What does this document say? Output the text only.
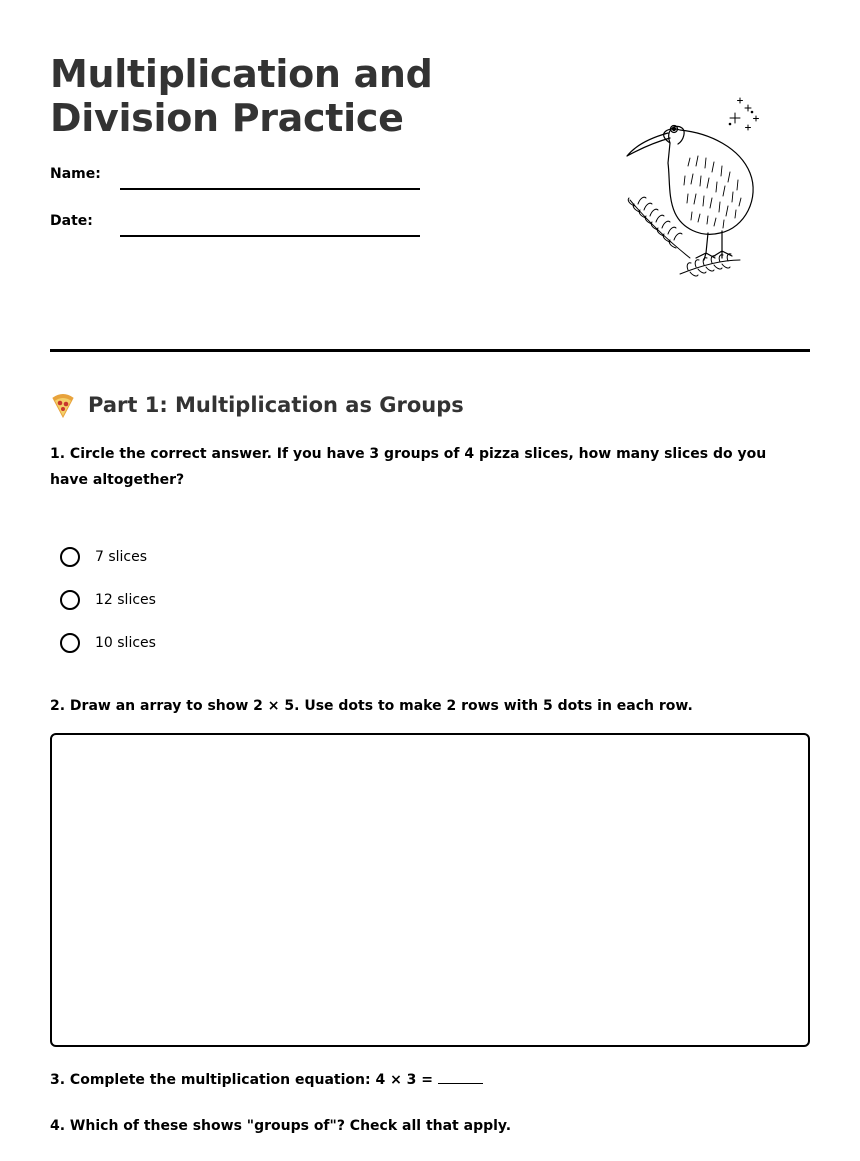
Multiplication and
Division Practice
Name:
Date:
Part 1: Multiplication as Groups
1. Circle the correct answer. If you have 3 groups of 4 pizza slices, how many slices do you have altogether?
7 slices
12 slices
10 slices
2. Draw an array to show 2 × 5. Use dots to make 2 rows with 5 dots in each row.
3. Complete the multiplication equation: 4 × 3 =
4. Which of these shows "groups of"? Check all that apply.
